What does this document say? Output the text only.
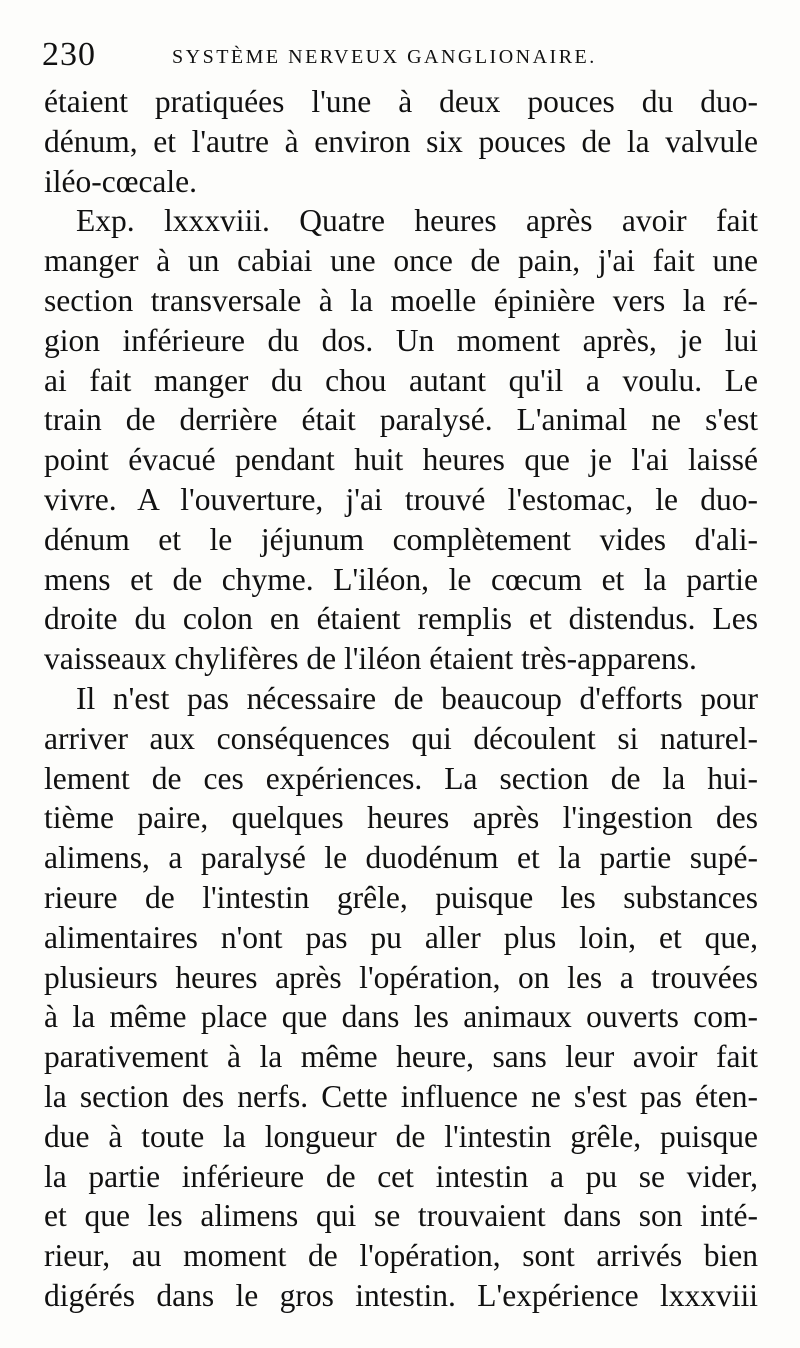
230	SYSTÈME NERVEUX GANGLIONAIRE.
étaient pratiquées l'une à deux pouces du duo-
dénum, et l'autre à environ six pouces de la valvule
iléo-cœcale.
Exp. lxxxviii. Quatre heures après avoir fait
manger à un cabiai une once de pain, j'ai fait une
section transversale à la moelle épinière vers la ré-
gion inférieure du dos. Un moment après, je lui
ai fait manger du chou autant qu'il a voulu. Le
train de derrière était paralysé. L'animal ne s'est
point évacué pendant huit heures que je l'ai laissé
vivre. A l'ouverture, j'ai trouvé l'estomac, le duo-
dénum et le jéjunum complètement vides d'ali-
mens et de chyme. L'iléon, le cœcum et la partie
droite du colon en étaient remplis et distendus. Les
vaisseaux chylifères de l'iléon étaient très-apparens.
Il n'est pas nécessaire de beaucoup d'efforts pour
arriver aux conséquences qui découlent si naturel-
lement de ces expériences. La section de la hui-
tième paire, quelques heures après l'ingestion des
alimens, a paralysé le duodénum et la partie supé-
rieure de l'intestin grêle, puisque les substances
alimentaires n'ont pas pu aller plus loin, et que,
plusieurs heures après l'opération, on les a trouvées
à la même place que dans les animaux ouverts com-
parativement à la même heure, sans leur avoir fait
la section des nerfs. Cette influence ne s'est pas éten-
due à toute la longueur de l'intestin grêle, puisque
la partie inférieure de cet intestin a pu se vider,
et que les alimens qui se trouvaient dans son inté-
rieur, au moment de l'opération, sont arrivés bien
digérés dans le gros intestin. L'expérience lxxxviii
